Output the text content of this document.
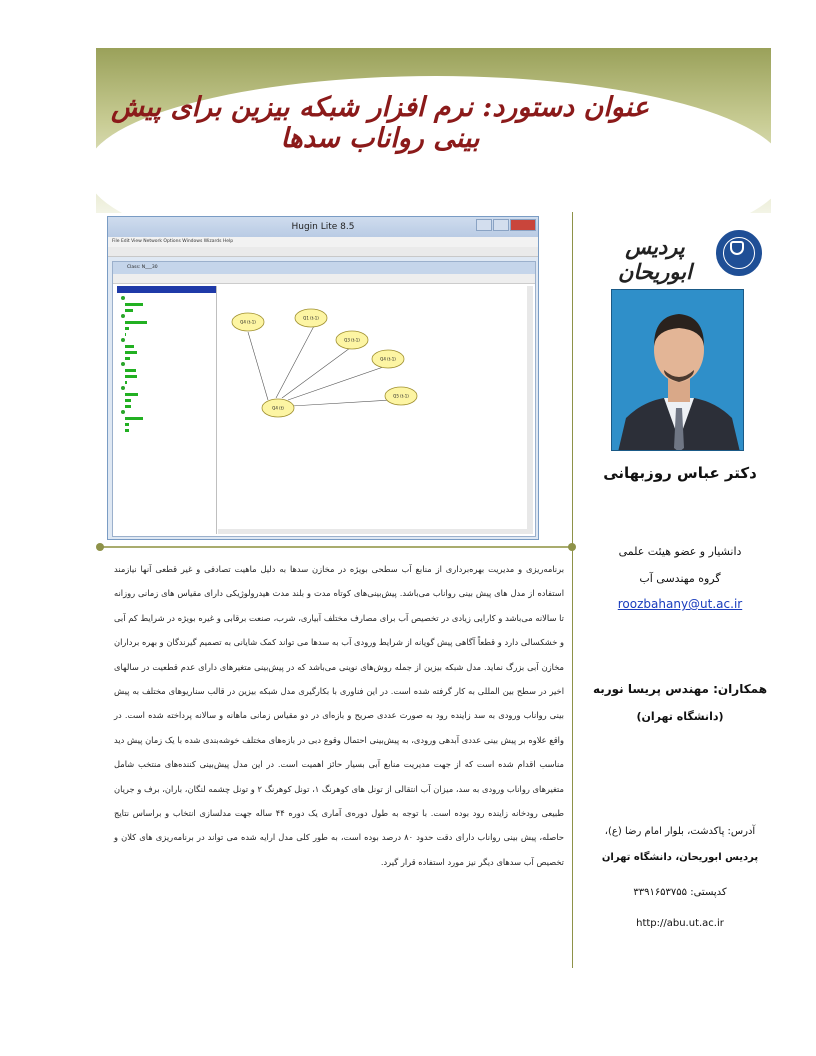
عنوان دستورد: نرم افزار شبکه بیزین برای پیش بینی رواناب سدها
Hugin Lite 8.5
File Edit View Network Options Windows Wizards Help
Class: N___30
Q4 (t-1)
Q1 (t-1)
Q3 (t-1)
Q4 (t-1)
Q5 (t-1)
Q4 (t)
پردیس ابوریحان
دکتر عباس روزبهانی
دانشیار و عضو هیئت علمی
گروه مهندسی آب
roozbahany@ut.ac.ir
همکاران: مهندس پریسا نوربه
(دانشگاه تهران)
آدرس: پاکدشت، بلوار امام رضا (ع)،
پردیس ابوریحان، دانشگاه تهران
کدپستی: ۳۳۹۱۶۵۳۷۵۵
http://abu.ut.ac.ir
برنامه‌ریزی و مدیریت بهره‌برداری از منابع آب سطحی بویژه در مخازن سدها به دلیل ماهیت تصادفی و غیر قطعی آنها نیازمند استفاده از مدل های پیش بینی رواناب می‌باشد. پیش‌بینی‌های کوتاه مدت و بلند مدت هیدرولوژیکی دارای مقیاس های زمانی روزانه تا سالانه می‌باشد و کارایی زیادی در تخصیص آب برای مصارف مختلف آبیاری، شرب، صنعت برقابی و غیره بویژه در شرایط کم آبی و خشکسالی دارد و قطعاً آگاهی پیش گویانه از شرایط ورودی آب به سدها می تواند کمک شایانی به تصمیم گیرندگان و بهره برداران مخازن آبی بزرگ نماید. مدل شبکه بیزین از جمله روش‌های نوینی می‌باشد که در پیش‌بینی متغیرهای دارای عدم قطعیت در سالهای اخیر در سطح بین المللی به کار گرفته شده است. در این فناوری با بکارگیری مدل شبکه بیزین در قالب سناریوهای مختلف به پیش بینی رواناب ورودی به سد زاینده رود به صورت عددی صریح و بازه‌ای در دو مقیاس زمانی ماهانه و سالانه پرداخته شده است. در واقع علاوه بر پیش بینی عددی آبدهی ورودی، به پیش‌بینی احتمال وقوع دبی در بازه‌های مختلف خوشه‌بندی شده با یک زمان پیش دید مناسب اقدام شده است که از جهت مدیریت منابع آبی بسیار حائز اهمیت است. در این مدل پیش‌بینی کننده‌های منتخب شامل متغیرهای رواناب ورودی به سد، میزان آب انتقالی از تونل های کوهرنگ ۱، تونل کوهرنگ ۲ و تونل چشمه لنگان، باران، برف و جریان طبیعی رودخانه زاینده رود بوده است. با توجه به طول دوره‌ی آماری یک دوره ۴۴ ساله جهت مدلسازی انتخاب و براساس نتایج حاصله، پیش بینی رواناب دارای دقت حدود ۸۰ درصد بوده است، به طور کلی مدل ارایه شده می تواند در برنامه‌ریزی های کلان و تخصیص آب سدهای دیگر نیز مورد استفاده قرار گیرد.
